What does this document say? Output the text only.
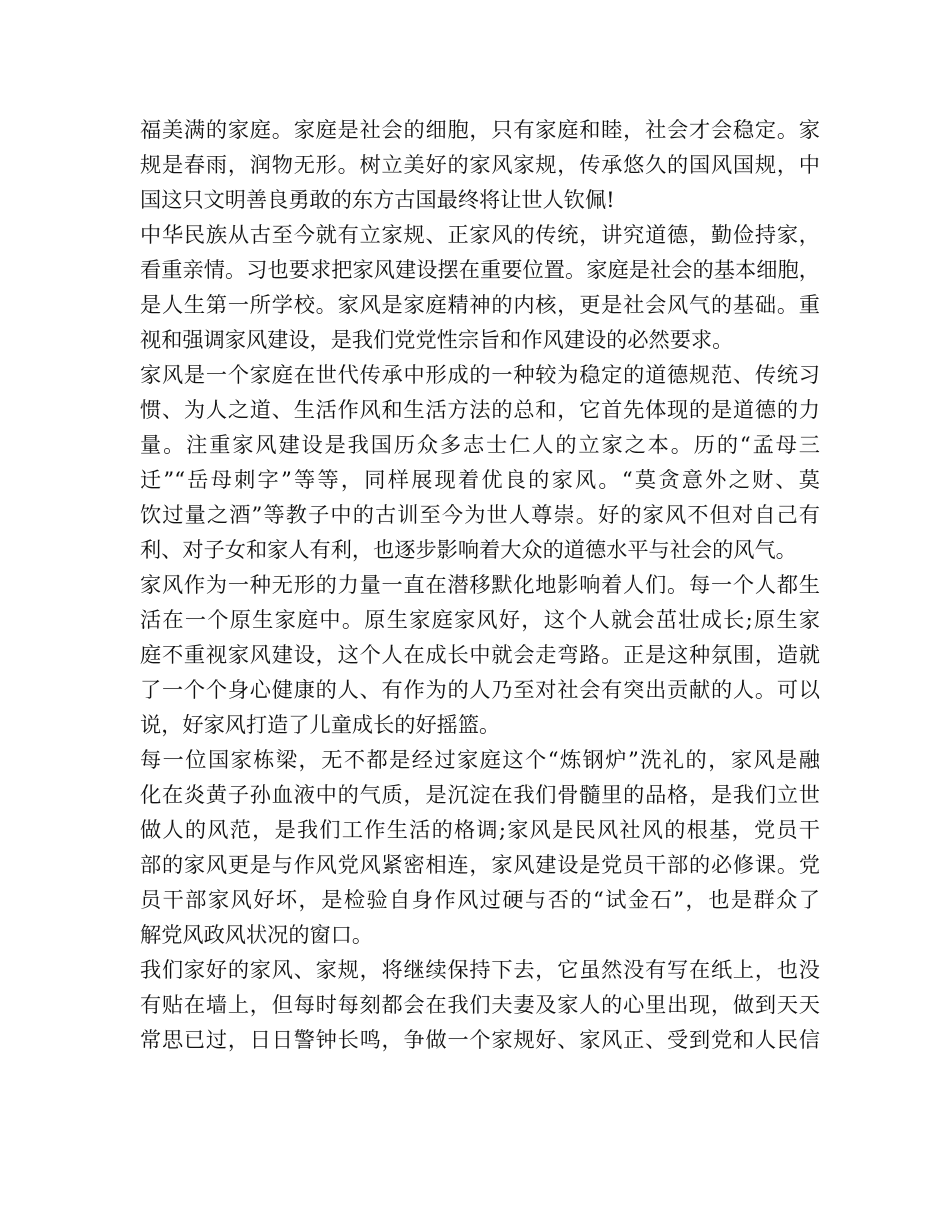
福美满的家庭。家庭是社会的细胞，只有家庭和睦，社会才会稳定。家
规是春雨，润物无形。树立美好的家风家规，传承悠久的国风国规，中
国这只文明善良勇敢的东方古国最终将让世人钦佩!
中华民族从古至今就有立家规、正家风的传统，讲究道德，勤俭持家，
看重亲情。习也要求把家风建设摆在重要位置。家庭是社会的基本细胞，
是人生第一所学校。家风是家庭精神的内核，更是社会风气的基础。重
视和强调家风建设，是我们党党性宗旨和作风建设的必然要求。
家风是一个家庭在世代传承中形成的一种较为稳定的道德规范、传统习
惯、为人之道、生活作风和生活方法的总和，它首先体现的是道德的力
量。注重家风建设是我国历众多志士仁人的立家之本。历的“孟母三
迁”“岳母刺字”等等，同样展现着优良的家风。“莫贪意外之财、莫
饮过量之酒”等教子中的古训至今为世人尊崇。好的家风不但对自己有
利、对子女和家人有利，也逐步影响着大众的道德水平与社会的风气。
家风作为一种无形的力量一直在潜移默化地影响着人们。每一个人都生
活在一个原生家庭中。原生家庭家风好，这个人就会茁壮成长;原生家
庭不重视家风建设，这个人在成长中就会走弯路。正是这种氛围，造就
了一个个身心健康的人、有作为的人乃至对社会有突出贡献的人。可以
说，好家风打造了儿童成长的好摇篮。
每一位国家栋梁，无不都是经过家庭这个“炼钢炉”洗礼的，家风是融
化在炎黄子孙血液中的气质，是沉淀在我们骨髓里的品格，是我们立世
做人的风范，是我们工作生活的格调;家风是民风社风的根基，党员干
部的家风更是与作风党风紧密相连，家风建设是党员干部的必修课。党
员干部家风好坏，是检验自身作风过硬与否的“试金石”，也是群众了
解党风政风状况的窗口。
我们家好的家风、家规，将继续保持下去，它虽然没有写在纸上，也没
有贴在墙上，但每时每刻都会在我们夫妻及家人的心里出现，做到天天
常思已过，日日警钟长鸣，争做一个家规好、家风正、受到党和人民信
